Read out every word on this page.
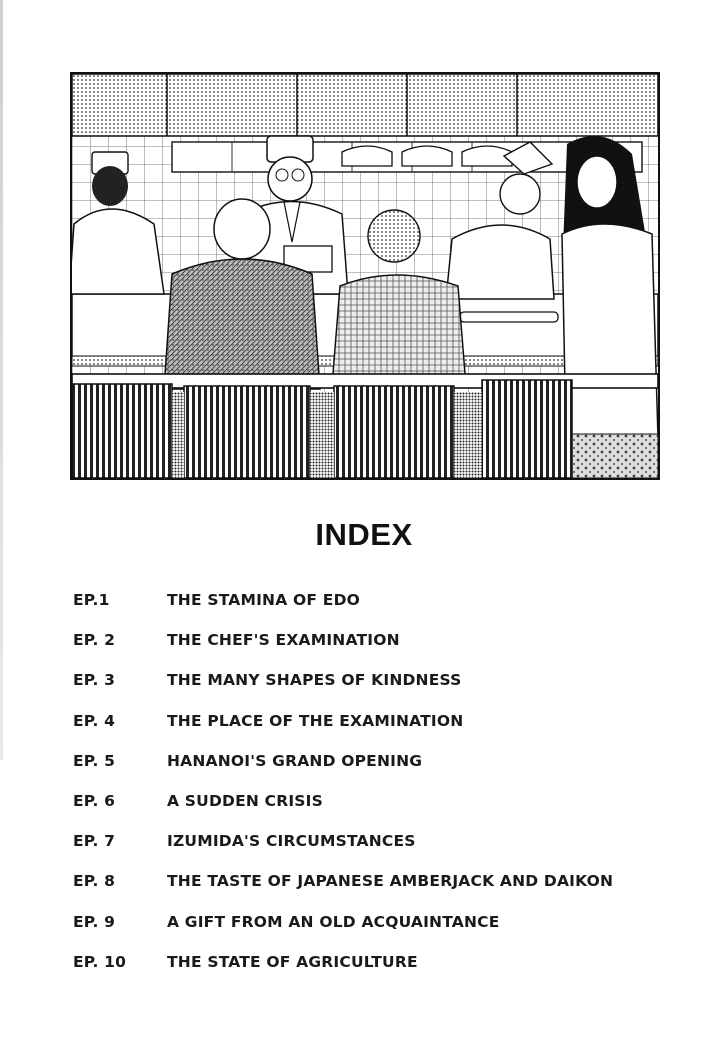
INDEX
EP.1	THE STAMINA OF EDO
EP. 2	THE CHEF'S EXAMINATION
EP. 3	THE MANY SHAPES OF KINDNESS
EP. 4	THE PLACE OF THE EXAMINATION
EP. 5	HANANOI'S GRAND OPENING
EP. 6	A SUDDEN CRISIS
EP. 7	IZUMIDA'S CIRCUMSTANCES
EP. 8	THE TASTE OF JAPANESE AMBERJACK AND DAIKON
EP. 9	A GIFT FROM AN OLD ACQUAINTANCE
EP. 10	THE STATE OF AGRICULTURE
